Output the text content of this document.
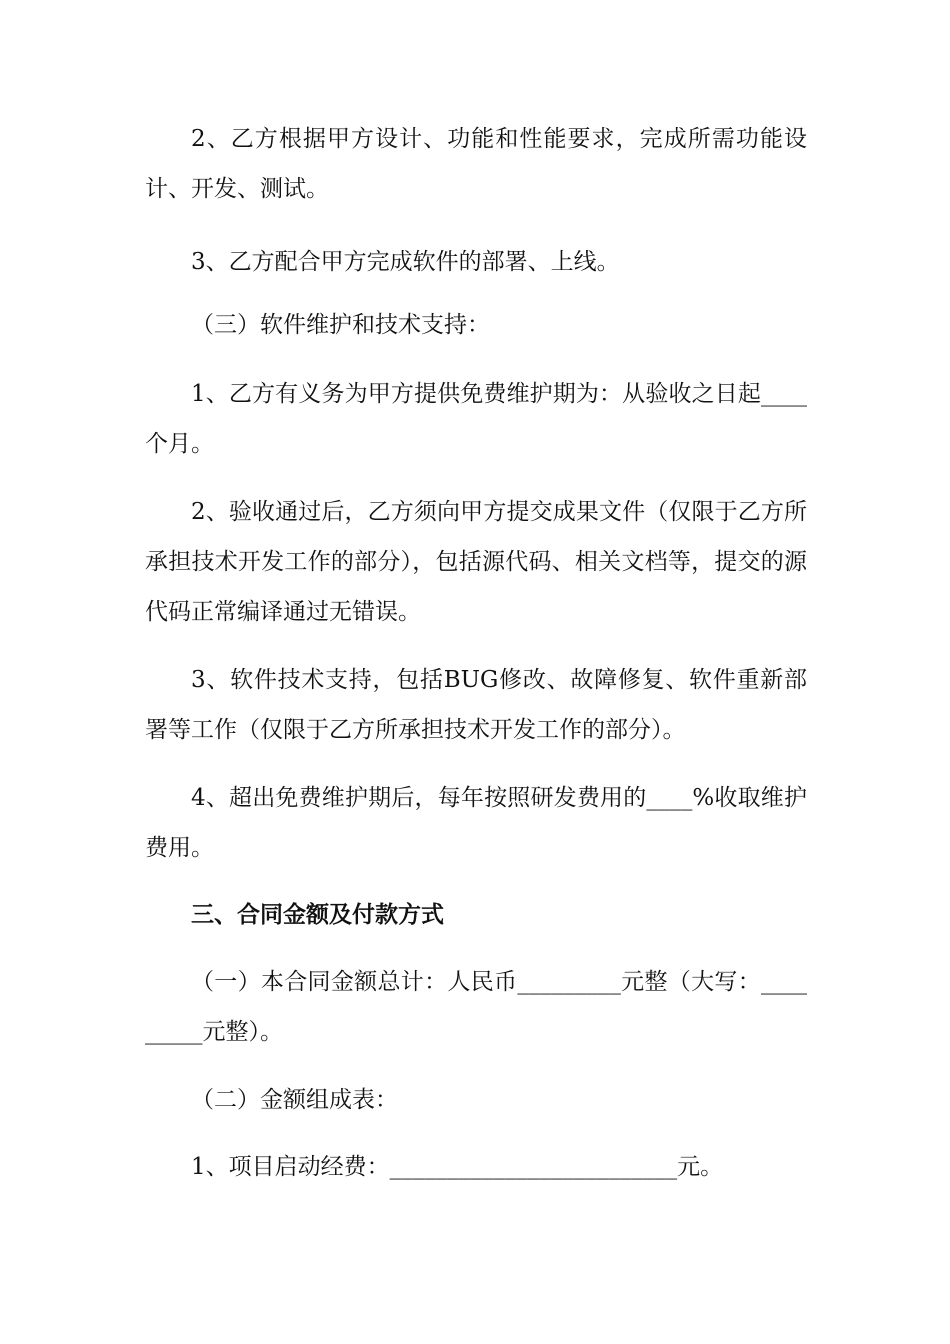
2、乙方根据甲方设计、功能和性能要求，完成所需功能设计、开发、测试。

3、乙方配合甲方完成软件的部署、上线。

（三）软件维护和技术支持：

1、乙方有义务为甲方提供免费维护期为：从验收之日起____个月。

2、验收通过后，乙方须向甲方提交成果文件（仅限于乙方所承担技术开发工作的部分），包括源代码、相关文档等，提交的源代码正常编译通过无错误。

3、软件技术支持，包括BUG修改、故障修复、软件重新部署等工作（仅限于乙方所承担技术开发工作的部分）。

4、超出免费维护期后，每年按照研发费用的____%收取维护费用。

三、合同金额及付款方式

（一）本合同金额总计：人民币_________元整（大写：_________元整）。

（二）金额组成表：

1、项目启动经费：_________________________元。
